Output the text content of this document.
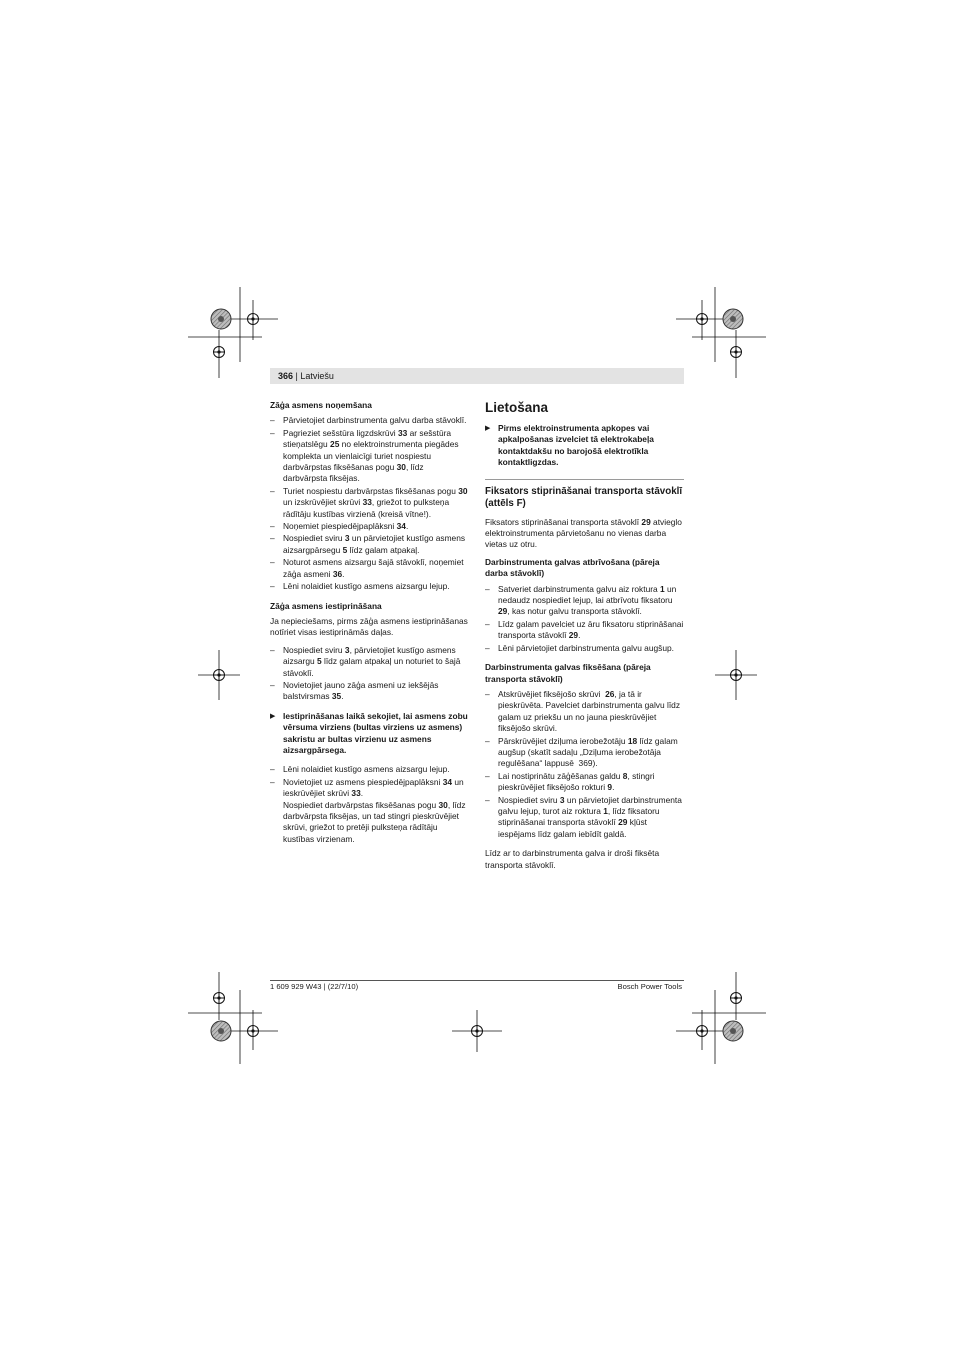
366 | Latviešu
Zāģa asmens noņemšana
– Pārvietojiet darbinstrumenta galvu darba stāvoklī.
– Pagrieziet sešstūra ligzdskrūvi 33 ar sešstūra stieņatslēgu 25 no elektroinstrumenta piegādes komplekta un vienlaicīgi turiet nospiestu darbvārpstas fiksēšanas pogu 30, līdz darbvārpsta fiksējas.
– Turiet nospiestu darbvārpstas fiksēšanas pogu 30 un izskrūvējiet skrūvi 33, griežot to pulksteņa rādītāju kustības virzienā (kreisā vītne!).
– Noņemiet piespiedējpaplāksni 34.
– Nospiediet sviru 3 un pārvietojiet kustīgo asmens aizsargpārsegu 5 līdz galam atpakaļ.
– Noturot asmens aizsargu šajā stāvoklī, noņemiet zāģa asmeni 36.
– Lēni nolaidiet kustīgo asmens aizsargu lejup.
Zāģa asmens iestiprināšana

Ja nepieciešams, pirms zāģa asmens iestiprināšanas notīriet visas iestiprināmās daļas.

– Nospiediet sviru 3, pārvietojiet kustīgo asmens aizsargu 5 līdz galam atpakaļ un noturiet to šajā stāvoklī.
– Novietojiet jauno zāģa asmeni uz iekšējās balstvirsmas 35.
▶ Iestiprināšanas laikā sekojiet, lai asmens zobu vērsuma virziens (bultas virziens uz asmens) sakristu ar bultas virzienu uz asmens aizsargpārsega.
– Lēni nolaidiet kustīgo asmens aizsargu lejup.
– Novietojiet uz asmens piespiedējpaplāksni 34 un ieskrūvējiet skrūvi 33.
Nospiediet darbvārpstas fiksēšanas pogu 30, līdz darbvārpsta fiksējas, un tad stingri pieskrūvējiet skrūvi, griežot to pretēji pulksteņa rādītāju kustības virzienam.
Lietošana
▶ Pirms elektroinstrumenta apkopes vai apkalpošanas izvelciet tā elektrokabeļa kontaktdakšu no barojošā elektrotīkla kontaktligzdas.
Fiksators stiprināšanai transporta stāvoklī (attēls F)

Fiksators stiprināšanai transporta stāvoklī 29 atvieglo elektroinstrumenta pārvietošanu no vienas darba vietas uz otru.

Darbinstrumenta galvas atbrīvošana (pāreja darba stāvoklī)
– Satveriet darbinstrumenta galvu aiz roktura 1 un nedaudz nospiediet lejup, lai atbrīvotu fiksatoru 29, kas notur galvu transporta stāvoklī.
– Līdz galam pavelciet uz āru fiksatoru stiprināšanai transporta stāvoklī 29.
– Lēni pārvietojiet darbinstrumenta galvu augšup.
Darbinstrumenta galvas fiksēšana (pāreja transporta stāvoklī)
– Atskrūvējiet fiksējošo skrūvi  26, ja tā ir pieskrūvēta. Pavelciet darbinstrumenta galvu līdz galam uz priekšu un no jauna pieskrūvējiet fiksējošo skrūvi.
– Pārskrūvējiet dziļuma ierobežotāju 18 līdz galam augšup (skatīt sadaļu „Dziļuma ierobežotāja regulēšana“ lappusē  369).
– Lai nostiprinātu zāģēšanas galdu 8, stingri pieskrūvējiet fiksējošo rokturi 9.
– Nospiediet sviru 3 un pārvietojiet darbinstrumenta galvu lejup, turot aiz roktura 1, līdz fiksatoru stiprināšanai transporta stāvoklī 29 kļūst iespējams līdz galam iebīdīt galdā.

Līdz ar to darbinstrumenta galva ir droši fiksēta transporta stāvoklī.

1 609 929 W43 | (22/7/10)	Bosch Power Tools
